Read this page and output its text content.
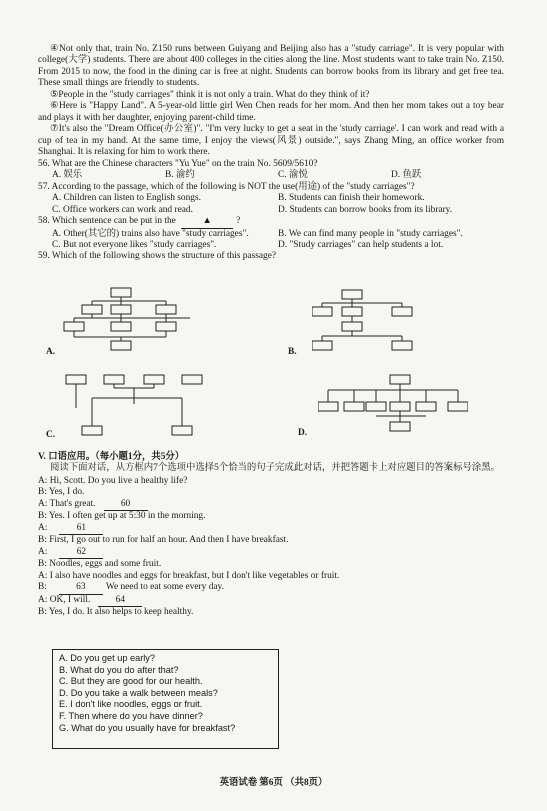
④Not only that, train No. Z150 runs between Guiyang and Beijing also has a "study carriage". It is very popular with college(大学) students. There are about 400 colleges in the cities along the line. Most students want to take train No. Z150. From 2015 to now, the food in the dining car is free at night. Students can borrow books from its library and get free tea. These small things are friendly to students.

⑤People in the "study carriages" think it is not only a train. What do they think of it?

⑥Here is "Happy Land". A 5-year-old little girl Wen Chen reads for her mom. And then her mom takes out a toy bear and plays it with her daughter, enjoying parent-child time.

⑦It's also the "Dream Office(办公室)". "I'm very lucky to get a seat in the 'study carriage'. I can work and read with a cup of tea in my hand. At the same time, I enjoy the views(风景) outside.", says Zhang Ming, an office worker from Shanghai. It is relaxing for him to work there.

56. What are the Chinese characters "Yu Yue" on the train No. 5609/5610?

A. 娱乐	B. 渝约	C. 渝悦	D. 鱼跃

57. According to the passage, which of the following is NOT the use(用途) of the "study carriages"?

A. Children can listen to English songs.	B. Students can finish their homework.
C. Office workers can work and read.	D. Students can borrow books from its library.

58. Which sentence can be put in the	▲	?

A. Other(其它的) trains also have "study carriages".	B. We can find many people in "study carriages".
C. But not everyone likes "study carriages".	D. "Study carriages" can help students a lot.

59. Which of the following shows the structure of this passage?

A.	B.
C.	D.

V. 口语应用。（每小题1分，共5分）

阅读下面对话，从方框内7个选项中选择5个恰当的句子完成此对话，并把答题卡上对应题目的答案标号涂黑。

A: Hi, Scott. Do you live a healthy life?

B: Yes, I do.

A: That's great.	60

B: Yes. I often get up at 5:30 in the morning.

A:	61

B: First, I go out to run for half an hour. And then I have breakfast.

A:	62

B: Noodles, eggs and some fruit.

A: I also have noodles and eggs for breakfast, but I don't like vegetables or fruit.

B:	63 We need to eat some every day.

A: OK, I will.	64

B: Yes, I do. It also helps to keep healthy.

A. Do you get up early?

B. What do you do after that?

C. But they are good for our health.

D. Do you take a walk between meals?

E. I don't like noodles, eggs or fruit.

F. Then where do you have dinner?

G. What do you usually have for breakfast?

英语试卷 第6页 （共8页）
